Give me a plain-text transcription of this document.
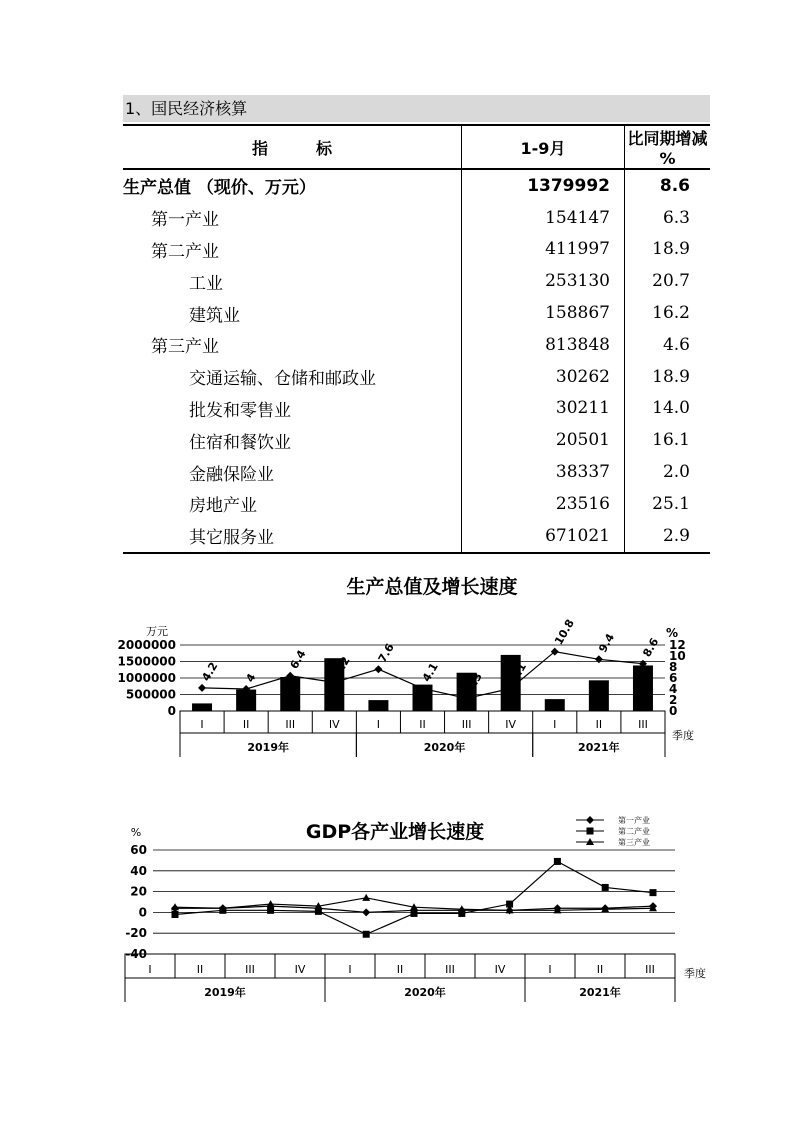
1、国民经济核算
指　　　标	1-9月	比同期增减 %
生产总值 （现价、万元）	1379992	8.6
第一产业	154147	6.3
第二产业	411997	18.9
工业	253130	20.7
建筑业	158867	16.2
第三产业	813848	4.6
交通运输、仓储和邮政业	30262	18.9
批发和零售业	30211	14.0
住宿和餐饮业	20501	16.1
金融保险业	38337	2.0
房地产业	23516	25.1
其它服务业	671021	2.9
生产总值及增长速度
万元	%
季度
0
500000
1000000
1500000
2000000
0
2
4
6
8
10
12
4.2 4
6.4 5.2
7.6
4.1 2.3 4.1
10.8 9.4 8.6
I	II	III	IV	I	II	III	IV	I	II	III
2019年	2020年	2021年
GDP各产业增长速度
%
季度
第一产业
第二产业
第三产业
-40
-20
0
20
40
60
I	II	III	IV	I	II	III	IV	I	II	III
2019年	2020年	2021年
